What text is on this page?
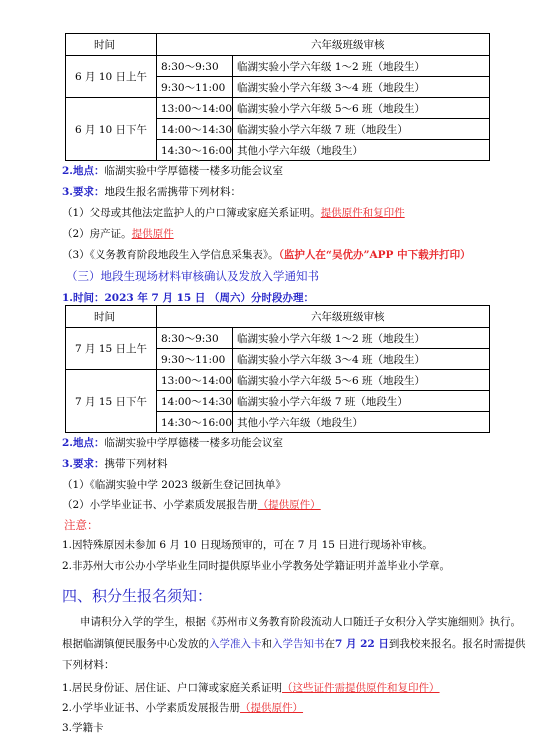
时间	六年级班级审核	
6 月 10 日上午	8:30～9:30	临湖实验小学六年级 1～2 班（地段生）
	9:30～11:00	临湖实验小学六年级 3～4 班（地段生）
6 月 10 日下午	13:00～14:00	临湖实验小学六年级 5～6 班（地段生）
	14:00～14:30	临湖实验小学六年级 7 班（地段生）
	14:30～16:00	其他小学六年级（地段生）
2.地点：临湖实验中学厚德楼一楼多功能会议室
3.要求：地段生报名需携带下列材料：
（1）父母或其他法定监护人的户口簿或家庭关系证明。提供原件和复印件
（2）房产证。提供原件
（3）《义务教育阶段地段生入学信息采集表》。（监护人在“吴优办”APP 中下载并打印）
（三）地段生现场材料审核确认及发放入学通知书
1.时间：2023 年 7 月 15 日 （周六）分时段办理：
时间	六年级班级审核	
7 月 15 日上午	8:30～9:30	临湖实验小学六年级 1～2 班（地段生）
	9:30～11:00	临湖实验小学六年级 3～4 班（地段生）
7 月 15 日下午	13:00～14:00	临湖实验小学六年级 5～6 班（地段生）
	14:00～14:30	临湖实验小学六年级 7 班（地段生）
	14:30～16:00	其他小学六年级（地段生）
2.地点：临湖实验中学厚德楼一楼多功能会议室
3.要求：携带下列材料
（1）《临湖实验中学 2023 级新生登记回执单》
（2）小学毕业证书、小学素质发展报告册（提供原件）
注意：
1.因特殊原因未参加 6 月 10 日现场预审的，可在 7 月 15 日进行现场补审核。
2.非苏州大市公办小学毕业生同时提供原毕业小学教务处学籍证明并盖毕业小学章。
四、积分生报名须知：
申请积分入学的学生，根据《苏州市义务教育阶段流动人口随迁子女积分入学实施细则》执行。
根据临湖镇便民服务中心发放的入学准入卡和入学告知书在7 月 22 日到我校来报名。报名时需提供
下列材料：
1.居民身份证、居住证、户口簿或家庭关系证明（这些证件需提供原件和复印件）
2.小学毕业证书、小学素质发展报告册（提供原件）
3.学籍卡
